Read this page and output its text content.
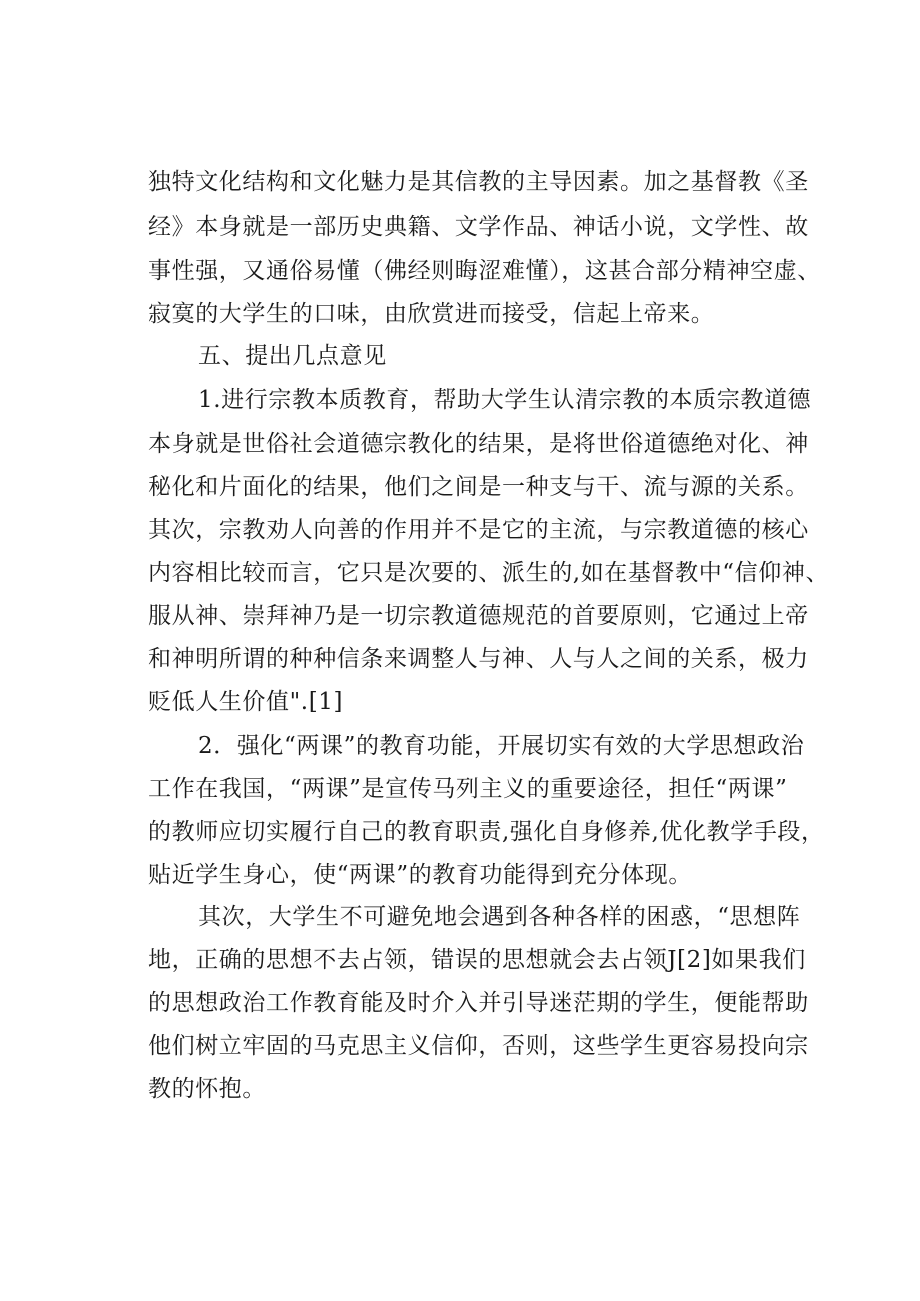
独特文化结构和文化魅力是其信教的主导因素。加之基督教《圣
经》本身就是一部历史典籍、文学作品、神话小说，文学性、故
事性强，又通俗易懂（佛经则晦涩难懂），这甚合部分精神空虚、
寂寞的大学生的口味，由欣赏进而接受，信起上帝来。
五、提出几点意见
1.进行宗教本质教育，帮助大学生认清宗教的本质宗教道德
本身就是世俗社会道德宗教化的结果，是将世俗道德绝对化、神
秘化和片面化的结果，他们之间是一种支与干、流与源的关系。
其次，宗教劝人向善的作用并不是它的主流，与宗教道德的核心
内容相比较而言，它只是次要的、派生的,如在基督教中“信仰神、
服从神、崇拜神乃是一切宗教道德规范的首要原则，它通过上帝
和神明所谓的种种信条来调整人与神、人与人之间的关系，极力
贬低人生价值".[1]
2．强化“两课”的教育功能，开展切实有效的大学思想政治
工作在我国，“两课”是宣传马列主义的重要途径，担任“两课”
的教师应切实履行自己的教育职责,强化自身修养,优化教学手段，
贴近学生身心，使“两课”的教育功能得到充分体现。
其次，大学生不可避免地会遇到各种各样的困惑，“思想阵
地，正确的思想不去占领，错误的思想就会去占领J[2]如果我们
的思想政治工作教育能及时介入并引导迷茫期的学生，便能帮助
他们树立牢固的马克思主义信仰，否则，这些学生更容易投向宗
教的怀抱。
